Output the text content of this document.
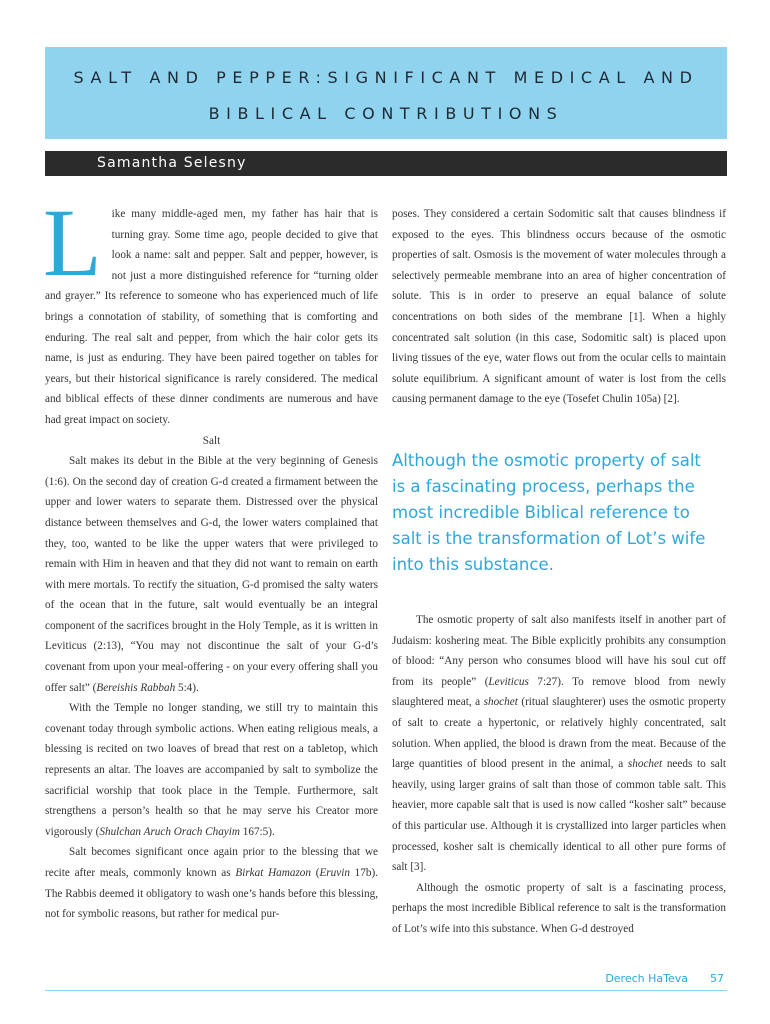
SALT AND PEPPER:SIGNIFICANT MEDICAL AND
BIBLICAL CONTRIBUTIONS
Samantha Selesny

Like many middle-aged men, my father has hair that is turning gray. Some time ago, people decided to give that look a name: salt and pepper. Salt and pepper, however, is not just a more distinguished reference for “turning older and grayer.” Its reference to someone who has experienced much of life brings a connotation of stability, of something that is comforting and enduring. The real salt and pepper, from which the hair color gets its name, is just as enduring. They have been paired together on tables for years, but their historical significance is rarely considered. The medical and biblical effects of these dinner condiments are numerous and have had great impact on society.

Salt

Salt makes its debut in the Bible at the very beginning of Genesis (1:6). On the second day of creation G-d created a firmament between the upper and lower waters to separate them. Distressed over the physical distance between themselves and G-d, the lower waters complained that they, too, wanted to be like the upper waters that were privileged to remain with Him in heaven and that they did not want to remain on earth with mere mortals. To rectify the situation, G-d promised the salty waters of the ocean that in the future, salt would eventually be an integral component of the sacrifices brought in the Holy Temple, as it is written in Leviticus (2:13), “You may not discontinue the salt of your G-d’s covenant from upon your meal-offering - on your every offering shall you offer salt” (Bereishis Rabbah 5:4).

With the Temple no longer standing, we still try to maintain this covenant today through symbolic actions. When eating religious meals, a blessing is recited on two loaves of bread that rest on a tabletop, which represents an altar. The loaves are accompanied by salt to symbolize the sacrificial worship that took place in the Temple. Furthermore, salt strengthens a person’s health so that he may serve his Creator more vigorously (Shulchan Aruch Orach Chayim 167:5).

Salt becomes significant once again prior to the blessing that we recite after meals, commonly known as Birkat Hamazon (Eruvin 17b). The Rabbis deemed it obligatory to wash one’s hands before this blessing, not for symbolic reasons, but rather for medical pur-

poses. They considered a certain Sodomitic salt that causes blindness if exposed to the eyes. This blindness occurs because of the osmotic properties of salt. Osmosis is the movement of water molecules through a selectively permeable membrane into an area of higher concentration of solute. This is in order to preserve an equal balance of solute concentrations on both sides of the membrane [1]. When a highly concentrated salt solution (in this case, Sodomitic salt) is placed upon living tissues of the eye, water flows out from the ocular cells to maintain solute equilibrium. A significant amount of water is lost from the cells causing permanent damage to the eye (Tosefet Chulin 105a) [2].

Although the osmotic property of salt is a fascinating process, perhaps the most incredible Biblical reference to salt is the transformation of Lot’s wife into this substance.

The osmotic property of salt also manifests itself in another part of Judaism: koshering meat. The Bible explicitly prohibits any consumption of blood: “Any person who consumes blood will have his soul cut off from its people” (Leviticus 7:27). To remove blood from newly slaughtered meat, a shochet (ritual slaughterer) uses the osmotic property of salt to create a hypertonic, or relatively highly concentrated, salt solution. When applied, the blood is drawn from the meat. Because of the large quantities of blood present in the animal, a shochet needs to salt heavily, using larger grains of salt than those of common table salt. This heavier, more capable salt that is used is now called “kosher salt” because of this particular use. Although it is crystallized into larger particles when processed, kosher salt is chemically identical to all other pure forms of salt [3].

Although the osmotic property of salt is a fascinating process, perhaps the most incredible Biblical reference to salt is the transformation of Lot’s wife into this substance. When G-d destroyed

Derech HaTeva 57
